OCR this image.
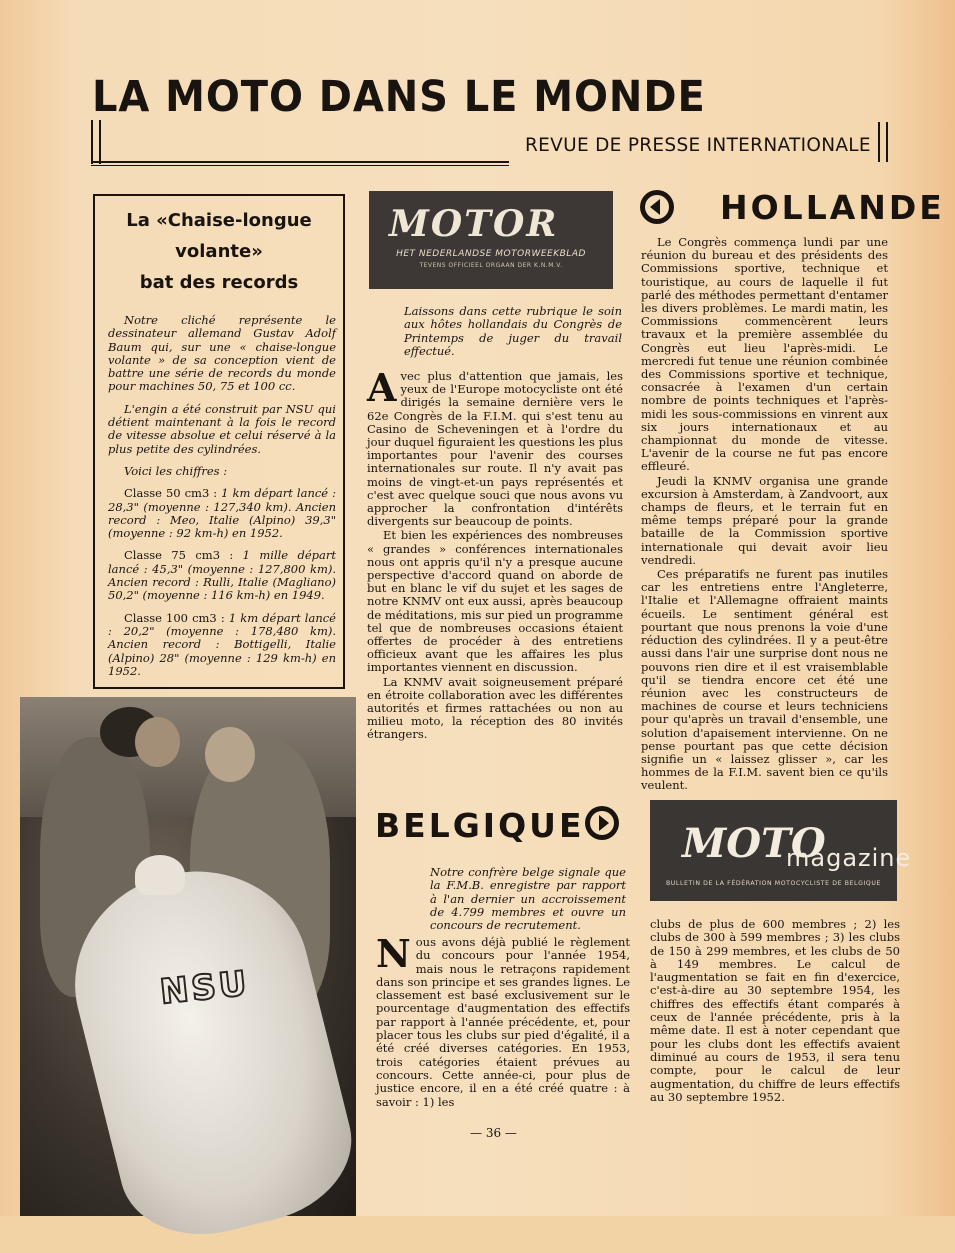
LA MOTO DANS LE MONDE
REVUE DE PRESSE INTERNATIONALE
La «Chaise-longue
volante»
bat des records

Notre cliché représente le dessinateur allemand Gustav Adolf Baum qui, sur une « chaise-longue volante » de sa conception vient de battre une série de records du monde pour machines 50, 75 et 100 cc.

L'engin a été construit par NSU qui détient maintenant à la fois le record de vitesse absolue et celui réservé à la plus petite des cylindrées.

Voici les chiffres :

Classe 50 cm3 : 1 km départ lancé : 28,3" (moyenne : 127,340 km). Ancien record : Meo, Italie (Alpino) 39,3" (moyenne : 92 km-h) en 1952.

Classe 75 cm3 : 1 mille départ lancé : 45,3" (moyenne : 127,800 km). Ancien record : Rulli, Italie (Magliano) 50,2" (moyenne : 116 km-h) en 1949.

Classe 100 cm3 : 1 km départ lancé : 20,2" (moyenne : 178,480 km). Ancien record : Bottigelli, Italie (Alpino) 28" (moyenne : 129 km-h) en 1952.

NSU
MOTOR
HET NEDERLANDSE MOTORWEEKBLAD
TEVENS OFFICIEEL ORGAAN DER K.N.M.V.
Laissons dans cette rubrique le soin aux hôtes hollandais du Congrès de Printemps de juger du travail effectué.

Avec plus d'attention que jamais, les yeux de l'Europe motocycliste ont été dirigés la semaine dernière vers le 62e Congrès de la F.I.M. qui s'est tenu au Casino de Scheveningen et à l'ordre du jour duquel figuraient les questions les plus importantes pour l'avenir des courses internationales sur route. Il n'y avait pas moins de vingt-et-un pays représentés et c'est avec quelque souci que nous avons vu approcher la confrontation d'intérêts divergents sur beaucoup de points.

Et bien les expériences des nombreuses « grandes » conférences internationales nous ont appris qu'il n'y a presque aucune perspective d'accord quand on aborde de but en blanc le vif du sujet et les sages de notre KNMV ont eux aussi, après beaucoup de méditations, mis sur pied un programme tel que de nombreuses occasions étaient offertes de procéder à des entretiens officieux avant que les affaires les plus importantes viennent en discussion.

La KNMV avait soigneusement préparé en étroite collaboration avec les différentes autorités et firmes rattachées ou non au milieu moto, la réception des 80 invités étrangers.

HOLLANDE

Le Congrès commença lundi par une réunion du bureau et des présidents des Commissions sportive, technique et touristique, au cours de laquelle il fut parlé des méthodes permettant d'entamer les divers problèmes. Le mardi matin, les Commissions commencèrent leurs travaux et la première assemblée du Congrès eut lieu l'après-midi. Le mercredi fut tenue une réunion combinée des Commissions sportive et technique, consacrée à l'examen d'un certain nombre de points techniques et l'après-midi les sous-commissions en vinrent aux six jours internationaux et au championnat du monde de vitesse. L'avenir de la course ne fut pas encore effleuré.

Jeudi la KNMV organisa une grande excursion à Amsterdam, à Zandvoort, aux champs de fleurs, et le terrain fut en même temps préparé pour la grande bataille de la Commission sportive internationale qui devait avoir lieu vendredi.

Ces préparatifs ne furent pas inutiles car les entretiens entre l'Angleterre, l'Italie et l'Allemagne offraient maints écueils. Le sentiment général est pourtant que nous prenons la voie d'une réduction des cylindrées. Il y a peut-être aussi dans l'air une surprise dont nous ne pouvons rien dire et il est vraisemblable qu'il se tiendra encore cet été une réunion avec les constructeurs de machines de course et leurs techniciens pour qu'après un travail d'ensemble, une solution d'apaisement intervienne. On ne pense pourtant pas que cette décision signifie un « laissez glisser », car les hommes de la F.I.M. savent bien ce qu'ils veulent.

BELGIQUE MOTO
magazine
BULLETIN DE LA FÉDÉRATION MOTOCYCLISTE DE BELGIQUE
Notre confrère belge signale que la F.M.B. enregistre par rapport à l'an dernier un accroissement de 4.799 membres et ouvre un concours de recrutement.
Nous avons déjà publié le règlement du concours pour l'année 1954, mais nous le retraçons rapidement dans son principe et ses grandes lignes. Le classement est basé exclusivement sur le pourcentage d'augmentation des effectifs par rapport à l'année précédente, et, pour placer tous les clubs sur pied d'égalité, il a été créé diverses catégories. En 1953, trois catégories étaient prévues au concours. Cette année-ci, pour plus de justice encore, il en a été créé quatre : à savoir : 1) les
clubs de plus de 600 membres ; 2) les clubs de 300 à 599 membres ; 3) les clubs de 150 à 299 membres, et les clubs de 50 à 149 membres. Le calcul de l'augmentation se fait en fin d'exercice, c'est-à-dire au 30 septembre 1954, les chiffres des effectifs étant comparés à ceux de l'année précédente, pris à la même date. Il est à noter cependant que pour les clubs dont les effectifs avaient diminué au cours de 1953, il sera tenu compte, pour le calcul de leur augmentation, du chiffre de leurs effectifs au 30 septembre 1952.
— 36 —
